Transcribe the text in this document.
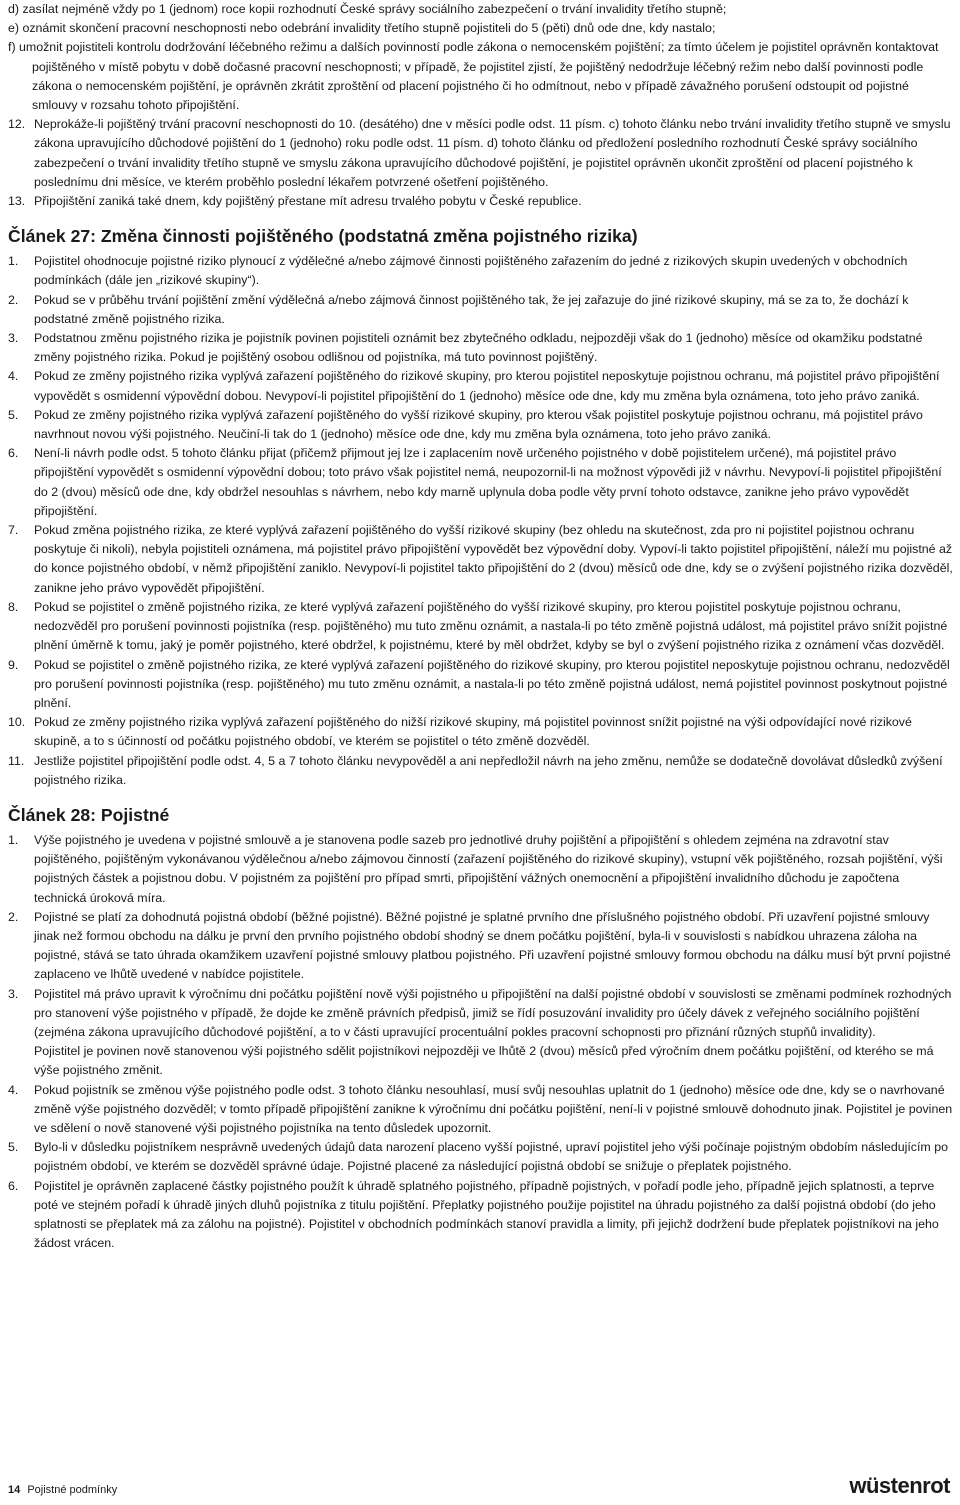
d) zasílat nejméně vždy po 1 (jednom) roce kopii rozhodnutí České správy sociálního zabezpečení o trvání invalidity třetího stupně;
e) oznámit skončení pracovní neschopnosti nebo odebrání invalidity třetího stupně pojistiteli do 5 (pěti) dnů ode dne, kdy nastalo;
f) umožnit pojistiteli kontrolu dodržování léčebného režimu a dalších povinností podle zákona o nemocenském pojištění; za tímto účelem je pojistitel oprávněn kontaktovat pojištěného v místě pobytu v době dočasné pracovní neschopnosti; v případě, že pojistitel zjistí, že pojištěný nedodržuje léčebný režim nebo další povinnosti podle zákona o nemocenském pojištění, je oprávněn zkrátit zproštění od placení pojistného či ho odmítnout, nebo v případě závažného porušení odstoupit od pojistné smlouvy v rozsahu tohoto připojištění.
12. Neprokáže-li pojištěný trvání pracovní neschopnosti do 10. (desátého) dne v měsíci podle odst. 11 písm. c) tohoto článku nebo trvání invalidity třetího stupně ve smyslu zákona upravujícího důchodové pojištění do 1 (jednoho) roku podle odst. 11 písm. d) tohoto článku od předložení posledního rozhodnutí České správy sociálního zabezpečení o trvání invalidity třetího stupně ve smyslu zákona upravujícího důchodové pojištění, je pojistitel oprávněn ukončit zproštění od placení pojistného k poslednímu dni měsíce, ve kterém proběhlo poslední lékařem potvrzené ošetření pojištěného.

13. Připojištění zaniká také dnem, kdy pojištěný přestane mít adresu trvalého pobytu v České republice.

Článek 27: Změna činnosti pojištěného (podstatná změna pojistného rizika)
1.	Pojistitel ohodnocuje pojistné riziko plynoucí z výdělečné a/nebo zájmové činnosti pojištěného zařazením do jedné z rizikových skupin uvedených v obchodních podmínkách (dále jen „rizikové skupiny“).

2.	Pokud se v průběhu trvání pojištění změní výdělečná a/nebo zájmová činnost pojištěného tak, že jej zařazuje do jiné rizikové skupiny, má se za to, že dochází k podstatné změně pojistného rizika.

3.	Podstatnou změnu pojistného rizika je pojistník povinen pojistiteli oznámit bez zbytečného odkladu, nejpozději však do 1 (jednoho) měsíce od okamžiku podstatné změny pojistného rizika. Pokud je pojištěný osobou odlišnou od pojistníka, má tuto povinnost pojištěný.

4.	Pokud ze změny pojistného rizika vyplývá zařazení pojištěného do rizikové skupiny, pro kterou pojistitel neposkytuje pojistnou ochranu, má pojistitel právo připojištění vypovědět s osmidenní výpovědní dobou. Nevypoví-li pojistitel připojištění do 1 (jednoho) měsíce ode dne, kdy mu změna byla oznámena, toto jeho právo zaniká.

5.	Pokud ze změny pojistného rizika vyplývá zařazení pojištěného do vyšší rizikové skupiny, pro kterou však pojistitel poskytuje pojistnou ochranu, má pojistitel právo navrhnout novou výši pojistného. Neučiní-li tak do 1 (jednoho) měsíce ode dne, kdy mu změna byla oznámena, toto jeho právo zaniká.

6.	Není-li návrh podle odst. 5 tohoto článku přijat (přičemž přijmout jej lze i zaplacením nově určeného pojistného v době pojistitelem určené), má pojistitel právo připojištění vypovědět s osmidenní výpovědní dobou; toto právo však pojistitel nemá, neupozornil-li na možnost výpovědi již v návrhu. Nevypoví-li pojistitel připojištění do 2 (dvou) měsíců ode dne, kdy obdržel nesouhlas s návrhem, nebo kdy marně uplynula doba podle věty první tohoto odstavce, zanikne jeho právo vypovědět připojištění.

7.	Pokud změna pojistného rizika, ze které vyplývá zařazení pojištěného do vyšší rizikové skupiny (bez ohledu na skutečnost, zda pro ni pojistitel pojistnou ochranu poskytuje či nikoli), nebyla pojistiteli oznámena, má pojistitel právo připojištění vypovědět bez výpovědní doby. Vypoví-li takto pojistitel připojištění, náleží mu pojistné až do konce pojistného období, v němž připojištění zaniklo. Nevypoví-li pojistitel takto připojištění do 2 (dvou) měsíců ode dne, kdy se o zvýšení pojistného rizika dozvěděl, zanikne jeho právo vypovědět připojištění.

8.	Pokud se pojistitel o změně pojistného rizika, ze které vyplývá zařazení pojištěného do vyšší rizikové skupiny, pro kterou pojistitel poskytuje pojistnou ochranu, nedozvěděl pro porušení povinnosti pojistníka (resp. pojištěného) mu tuto změnu oznámit, a nastala-li po této změně pojistná událost, má pojistitel právo snížit pojistné plnění úměrně k tomu, jaký je poměr pojistného, které obdržel, k pojistnému, které by měl obdržet, kdyby se byl o zvýšení pojistného rizika z oznámení včas dozvěděl.

9.	Pokud se pojistitel o změně pojistného rizika, ze které vyplývá zařazení pojištěného do rizikové skupiny, pro kterou pojistitel neposkytuje pojistnou ochranu, nedozvěděl pro porušení povinnosti pojistníka (resp. pojištěného) mu tuto změnu oznámit, a nastala-li po této změně pojistná událost, nemá pojistitel povinnost poskytnout pojistné plnění.

10. Pokud ze změny pojistného rizika vyplývá zařazení pojištěného do nižší rizikové skupiny, má pojistitel povinnost snížit pojistné na výši odpovídající nové rizikové skupině, a to s účinností od počátku pojistného období, ve kterém se pojistitel o této změně dozvěděl.

11. Jestliže pojistitel připojištění podle odst. 4, 5 a 7 tohoto článku nevypověděl a ani nepředložil návrh na jeho změnu, nemůže se dodatečně dovolávat důsledků zvýšení pojistného rizika.

Článek 28: Pojistné
1.	Výše pojistného je uvedena v pojistné smlouvě a je stanovena podle sazeb pro jednotlivé druhy pojištění a připojištění s ohledem zejména na zdravotní stav pojištěného, pojištěným vykonávanou výdělečnou a/nebo zájmovou činností (zařazení pojištěného do rizikové skupiny), vstupní věk pojištěného, rozsah pojištění, výši pojistných částek a pojistnou dobu. V pojistném za pojištění pro případ smrti, připojištění vážných onemocnění a připojištění invalidního důchodu je započtena technická úroková míra.

2.	Pojistné se platí za dohodnutá pojistná období (běžné pojistné). Běžné pojistné je splatné prvního dne příslušného pojistného období. Při uzavření pojistné smlouvy jinak než formou obchodu na dálku je první den prvního pojistného období shodný se dnem počátku pojištění, byla-li v souvislosti s nabídkou uhrazena záloha na pojistné, stává se tato úhrada okamžikem uzavření pojistné smlouvy platbou pojistného. Při uzavření pojistné smlouvy formou obchodu na dálku musí být první pojistné zaplaceno ve lhůtě uvedené v nabídce pojistitele.

3.	Pojistitel má právo upravit k výročnímu dni počátku pojištění nově výši pojistného u připojištění na další pojistné období v souvislosti se změnami podmínek rozhodných pro stanovení výše pojistného v případě, že dojde ke změně právních předpisů, jimiž se řídí posuzování invalidity pro účely dávek z veřejného sociálního pojištění (zejména zákona upravujícího důchodové pojištění, a to v části upravující procentuální pokles pracovní schopnosti pro přiznání různých stupňů invalidity).

Pojistitel je povinen nově stanovenou výši pojistného sdělit pojistníkovi nejpozději ve lhůtě 2 (dvou) měsíců před výročním dnem počátku pojištění, od kterého se má výše pojistného změnit.

4.	Pokud pojistník se změnou výše pojistného podle odst. 3 tohoto článku nesouhlasí, musí svůj nesouhlas uplatnit do 1 (jednoho) měsíce ode dne, kdy se o navrhované změně výše pojistného dozvěděl; v tomto případě připojištění zanikne k výročnímu dni počátku pojištění, není-li v pojistné smlouvě dohodnuto jinak. Pojistitel je povinen ve sdělení o nově stanovené výši pojistného pojistníka na tento důsledek upozornit.

5.	Bylo-li v důsledku pojistníkem nesprávně uvedených údajů data narození placeno vyšší pojistné, upraví pojistitel jeho výši počínaje pojistným obdobím následujícím po pojistném období, ve kterém se dozvěděl správné údaje. Pojistné placené za následující pojistná období se snižuje o přeplatek pojistného.

6.	Pojistitel je oprávněn zaplacené částky pojistného použít k úhradě splatného pojistného, případně pojistných, v pořadí podle jeho, případně jejich splatnosti, a teprve poté ve stejném pořadí k úhradě jiných dluhů pojistníka z titulu pojištění. Přeplatky pojistného použije pojistitel na úhradu pojistného za další pojistná období (do jeho splatnosti se přeplatek má za zálohu na pojistné). Pojistitel v obchodních podmínkách stanoví pravidla a limity, při jejichž dodržení bude přeplatek pojistníkovi na jeho žádost vrácen.

14 Pojistné podmínky	wüstenrot
